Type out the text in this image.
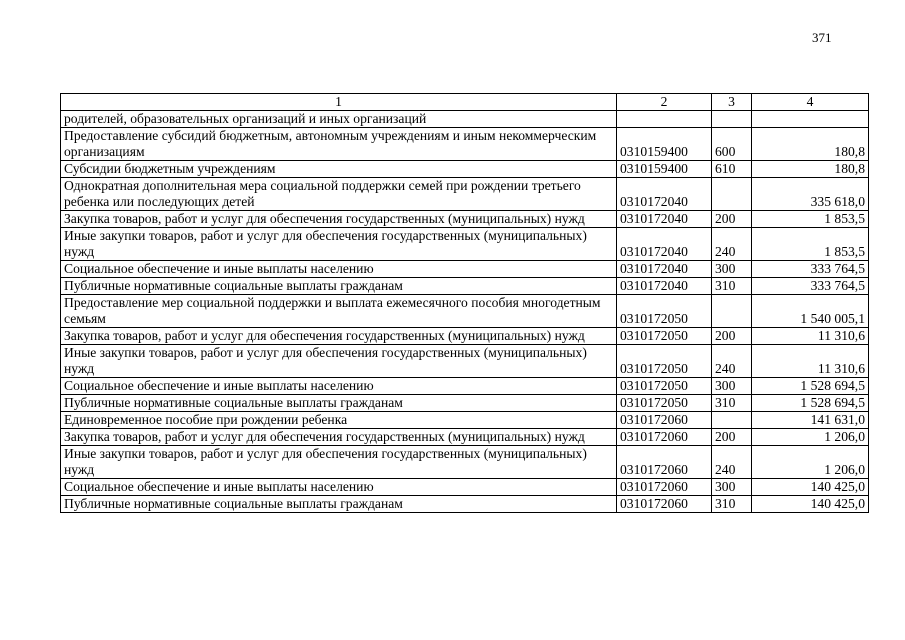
371
1	2	3	4
родителей, образовательных организаций и иных организаций			
Предоставление субсидий бюджетным, автономным учреждениям и иным некоммерческим организациям	0310159400	600	180,8
Субсидии бюджетным учреждениям	0310159400	610	180,8
Однократная дополнительная мера социальной поддержки семей при рождении третьего ребенка или последующих детей	0310172040		335 618,0
Закупка товаров, работ и услуг для обеспечения государственных (муниципальных) нужд	0310172040	200	1 853,5
Иные закупки товаров, работ и услуг для обеспечения государственных (муниципальных) нужд	0310172040	240	1 853,5
Социальное обеспечение и иные выплаты населению	0310172040	300	333 764,5
Публичные нормативные социальные выплаты гражданам	0310172040	310	333 764,5
Предоставление мер социальной поддержки и выплата ежемесячного пособия многодетным семьям	0310172050		1 540 005,1
Закупка товаров, работ и услуг для обеспечения государственных (муниципальных) нужд	0310172050	200	11 310,6
Иные закупки товаров, работ и услуг для обеспечения государственных (муниципальных) нужд	0310172050	240	11 310,6
Социальное обеспечение и иные выплаты населению	0310172050	300	1 528 694,5
Публичные нормативные социальные выплаты гражданам	0310172050	310	1 528 694,5
Единовременное пособие при рождении ребенка	0310172060		141 631,0
Закупка товаров, работ и услуг для обеспечения государственных (муниципальных) нужд	0310172060	200	1 206,0
Иные закупки товаров, работ и услуг для обеспечения государственных (муниципальных) нужд	0310172060	240	1 206,0
Социальное обеспечение и иные выплаты населению	0310172060	300	140 425,0
Публичные нормативные социальные выплаты гражданам	0310172060	310	140 425,0
